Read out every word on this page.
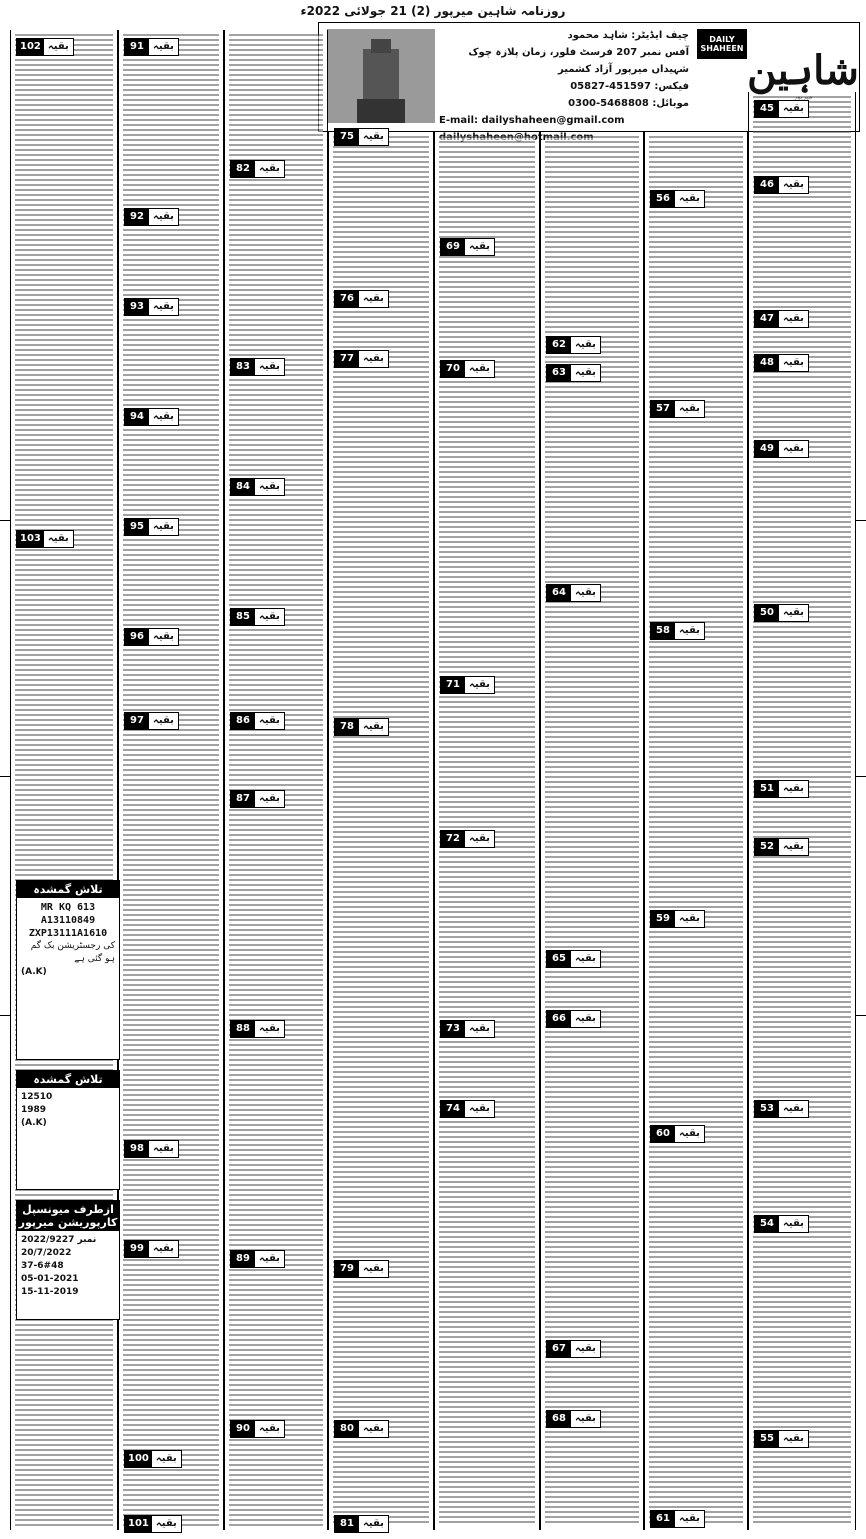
روزنامہ شاہین میرپور (2) 21 جولائی 2022ء
شاہین
DAILY SHAHEEN
چیف ایڈیٹر: شاہد محمود
آفس نمبر 207 فرسٹ فلور، زمان پلازہ چوک شہیداں میرپور آزاد کشمیر
فیکس: 05827-451597
موبائل: 0300-5468808
E-mail: dailyshaheen@gmail.com
102 بقیہ
103 بقیہ
91 بقیہ
92 بقیہ
93 بقیہ
94 بقیہ
95 بقیہ
96 بقیہ
97 بقیہ
98 بقیہ
99 بقیہ
100 بقیہ
101 بقیہ
82 بقیہ
83 بقیہ
84 بقیہ
85 بقیہ
86 بقیہ
87 بقیہ
88 بقیہ
89 بقیہ
90 بقیہ
75 بقیہ
76 بقیہ
77 بقیہ
78 بقیہ
79 بقیہ
80 بقیہ
81 بقیہ
69 بقیہ
70 بقیہ
71 بقیہ
72 بقیہ
73 بقیہ
74 بقیہ
62 بقیہ
63 بقیہ
64 بقیہ
65 بقیہ
66 بقیہ
67 بقیہ
68 بقیہ
56 بقیہ
57 بقیہ
58 بقیہ
59 بقیہ
60 بقیہ
61 بقیہ
45 بقیہ
46 بقیہ
47 بقیہ
48 بقیہ
49 بقیہ
50 بقیہ
51 بقیہ
52 بقیہ
53 بقیہ
54 بقیہ
55 بقیہ
تلاش گمشدہ
MR KQ 613
A13110849
ZXP13111A1610
کی رجسٹریشن بک گم ہو گئی ہے
(A.K)
تلاش گمشدہ
12510
1989
(A.K)
ازطرف میونسپل کارپوریشن میرپور
نمبر 2022/9227
20/7/2022
37-6#48
05-01-2021
15-11-2019
